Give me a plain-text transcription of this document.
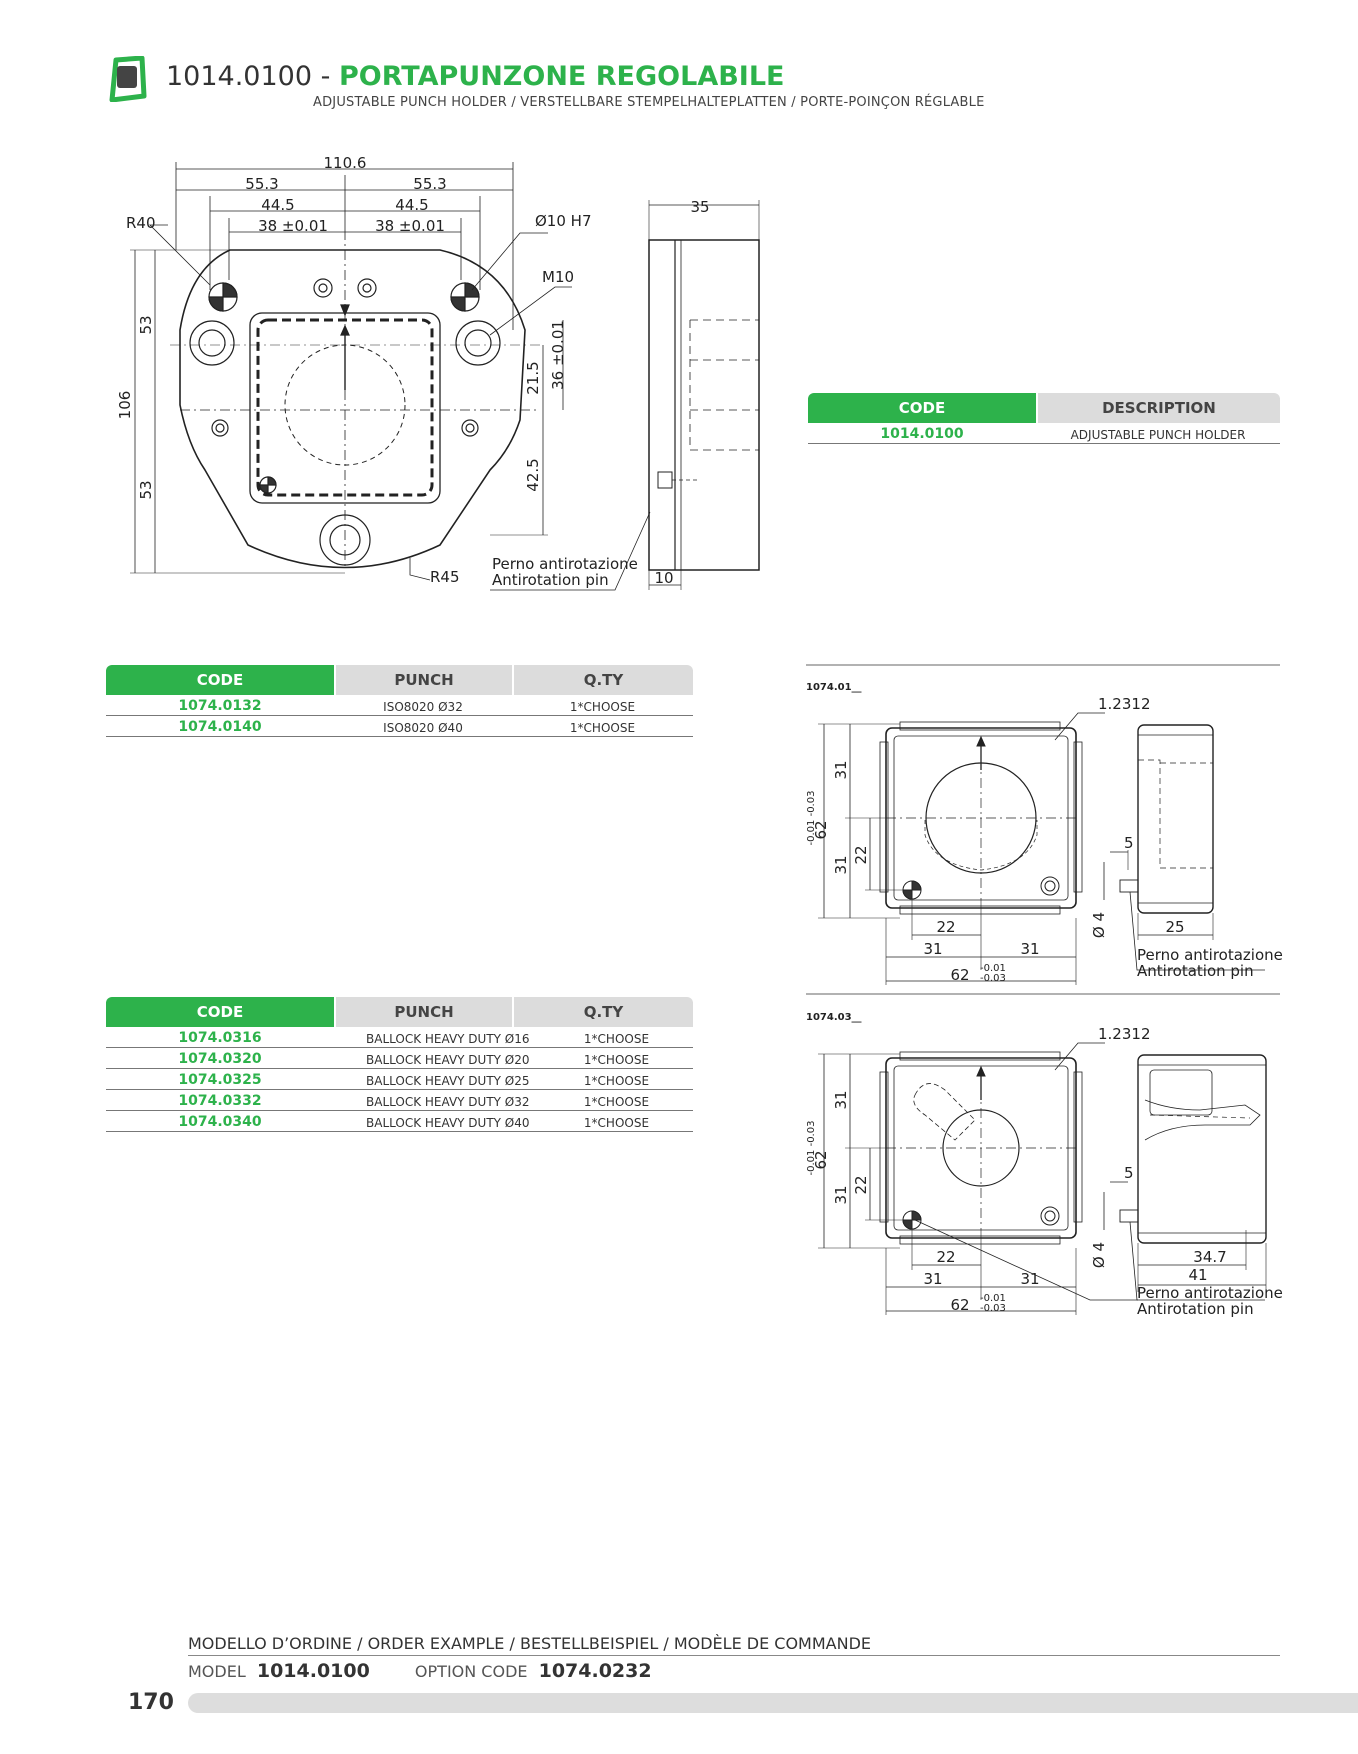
1014.0100 - PORTAPUNZONE REGOLABILE
ADJUSTABLE PUNCH HOLDER / VERSTELLBARE STEMPELHALTEPLATTEN / PORTE-POINÇON RÉGLABLE
110.6
55.3	55.3
44.5	44.5
38 ±0.01	38 ±0.01
R40	Ø10 H7
M10
R45
Perno antirotazione
Antirotation pin
35
10
106
53
53
36 ±0.01
21.5
42.5
CODE	DESCRIPTION
1014.0100	ADJUSTABLE PUNCH HOLDER
CODE	PUNCH	Q.TY
1074.0132	ISO8020 Ø32	1*CHOOSE
1074.0140	ISO8020 Ø40	1*CHOOSE
CODE	PUNCH	Q.TY
1074.0316	BALLOCK HEAVY DUTY Ø16	1*CHOOSE
1074.0320	BALLOCK HEAVY DUTY Ø20	1*CHOOSE
1074.0325	BALLOCK HEAVY DUTY Ø25	1*CHOOSE
1074.0332	BALLOCK HEAVY DUTY Ø32	1*CHOOSE
1074.0340	BALLOCK HEAVY DUTY Ø40	1*CHOOSE
1074.01__
1.2312
31
31
22
62
-0.01 -0.03
22
31	31
62 -0.01
-0.03
5
Ø 4	25
Perno antirotazione
Antirotation pin
1074.03__
1.2312
31
31
22
62
-0.01 -0.03
22
31	31
62 -0.01
-0.03
5
Ø 4	34.7
41
Perno antirotazione
Antirotation pin
MODELLO D’ORDINE / ORDER EXAMPLE / BESTELLBEISPIEL / MODÈLE DE COMMANDE
MODEL 1014.0100	OPTION CODE 1074.0232
170
